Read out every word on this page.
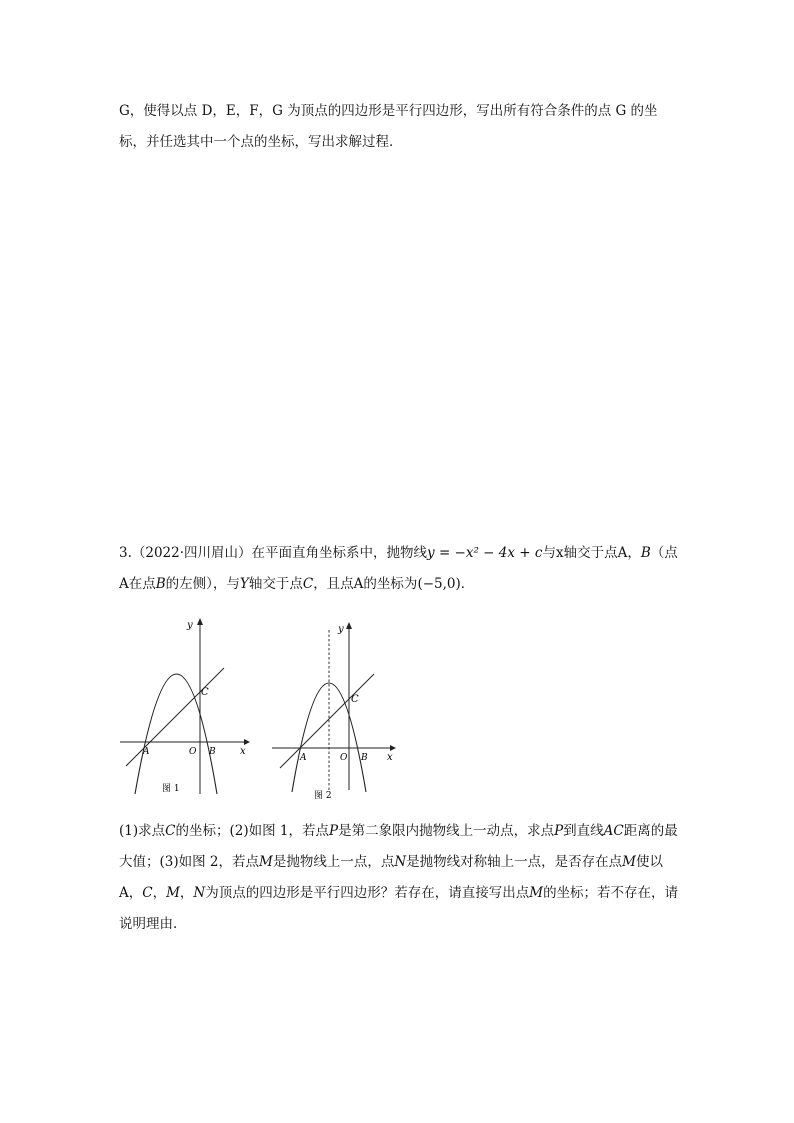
G，使得以点 D，E，F，G 为顶点的四边形是平行四边形，写出所有符合条件的点 G 的坐标，并任选其中一个点的坐标，写出求解过程．

3.（2022·四川眉山）在平面直角坐标系中，抛物线y = −x² − 4x + c与x轴交于点A，B（点A在点B的左侧），与Y轴交于点C，且点A的坐标为(−5,0)．

y
x
A	O B
C
图 1
y
x
A	O B
C
图 2

(1)求点C的坐标；(2)如图 1，若点P是第二象限内抛物线上一动点，求点P到直线AC距离的最大值；(3)如图 2，若点M是抛物线上一点，点N是抛物线对称轴上一点，是否存在点M使以A，C，M，N为顶点的四边形是平行四边形？若存在，请直接写出点M的坐标；若不存在，请说明理由．
